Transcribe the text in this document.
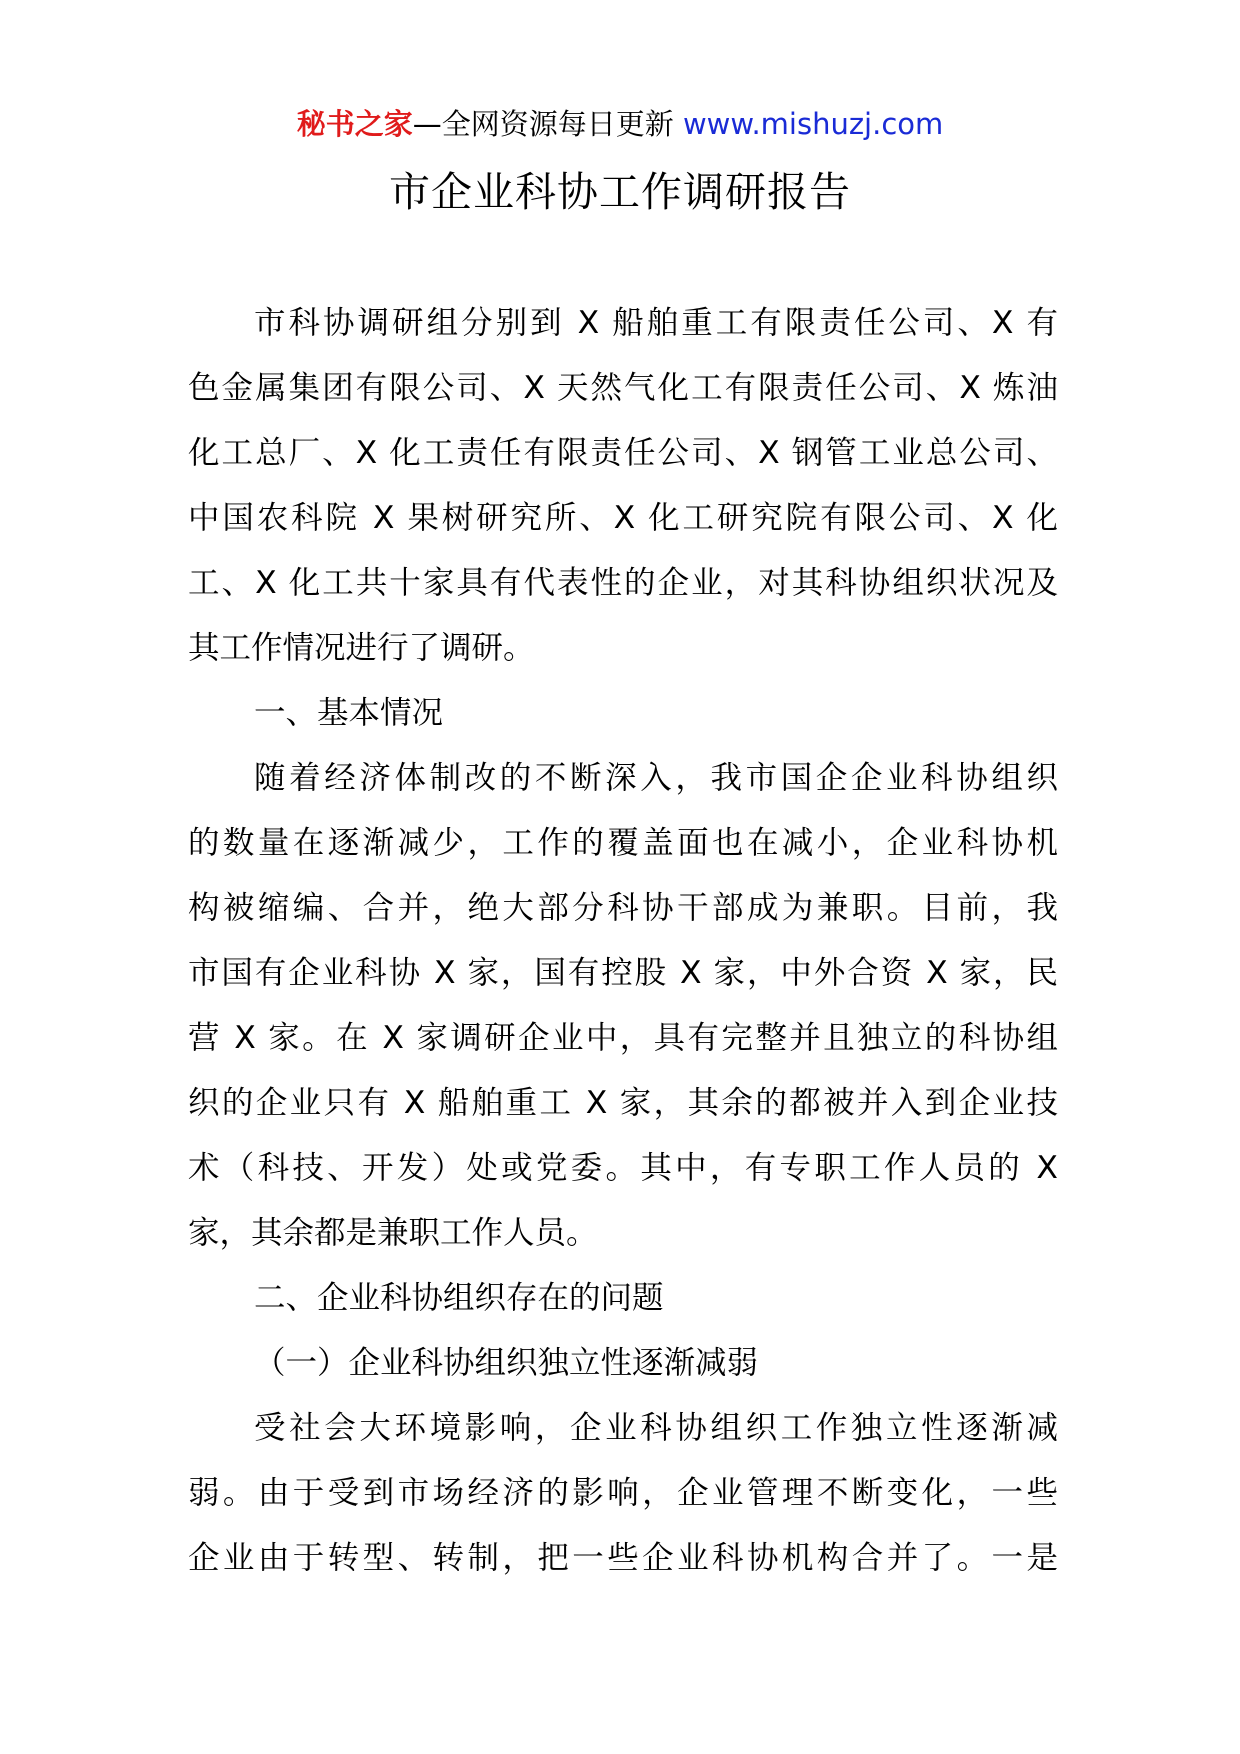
秘书之家—全网资源每日更新 www.mishuzj.com
市企业科协工作调研报告
市科协调研组分别到 X 船舶重工有限责任公司、X 有
色金属集团有限公司、X 天然气化工有限责任公司、X 炼油
化工总厂、X 化工责任有限责任公司、X 钢管工业总公司、
中国农科院 X 果树研究所、X 化工研究院有限公司、X 化
工、X 化工共十家具有代表性的企业，对其科协组织状况及
其工作情况进行了调研。
一、基本情况
随着经济体制改的不断深入，我市国企企业科协组织
的数量在逐渐减少，工作的覆盖面也在减小，企业科协机
构被缩编、合并，绝大部分科协干部成为兼职。目前，我
市国有企业科协 X 家，国有控股 X 家，中外合资 X 家，民
营 X 家。在 X 家调研企业中，具有完整并且独立的科协组
织的企业只有 X 船舶重工 X 家，其余的都被并入到企业技
术（科技、开发）处或党委。其中，有专职工作人员的 X
家，其余都是兼职工作人员。
二、企业科协组织存在的问题
（一）企业科协组织独立性逐渐减弱
受社会大环境影响，企业科协组织工作独立性逐渐减
弱。由于受到市场经济的影响，企业管理不断变化，一些
企业由于转型、转制，把一些企业科协机构合并了。一是
